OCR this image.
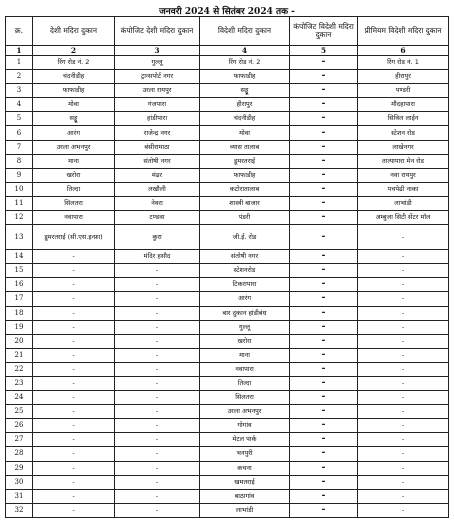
जनवरी 2024 से सितंबर 2024 तक -
क्र.	देशी मदिरा दुकान	कंपोजिट देशी मदिरा दुकान	विदेशी मदिरा दुकान	कंपोजिट विदेशी मदिरा दुकान	प्रीमियम विदेशी मदिरा दुकान
1	2	3	4	5	6
1	रिंग रोड नं. 2	गुल्लू	रिंग रोड नं. 2	-	रिंग रोड नं. 1
2	चंदनीडीह	ट्रान्सपोर्ट नगर	फाफाडीह	-	हीरापुर
3	फाफाडीह	उरला रायपुर	सड्डू	-	पण्डरी
4	मोवा	गंजपारा	हीरापुर	-	मौदहापारा
5	सड्डू	हांडीपारा	चंदनीडीह	-	सिविल लाईन
6	आरंग	राजेन्द्र नगर	मोवा	-	स्टेशन रोड
7	उरला अभनपुर	बंसीरामाठा	व्यास तालाब	-	लाखेनगर
8	माना	संतोषी नगर	डूमरतराई	-	तात्यापारा मेन रोड
9	खरोरा	मंढर	फाफाडीह	-	नवा रायपुर
10	तिल्दा	लखौली	कटोरातालाब	-	पचपेढी नाका
11	सिलतरा	नेवरा	शास्त्री बाजार	-	लाभांडी
12	नवापारा	टण्डवा	पंडरी	-	अम्बुजा सिटी सेंटर मॉल
13	डूमरतराई (सी.एस.इन्फ्रा)	कुरा	जी.ई. रोड	-	-
14	-	मंदिर हसौद	संतोषी नगर	-	-
15	-	-	स्टेशनरोड	-	-
16	-	-	टिकरापारा	-	-
17	-	-	आरंग	-	-
18	-	-	बार दुकान हांडीबंध	-	-
19	-	-	गुल्लू	-	-
20	-	-	खरोरा	-	-
21	-	-	माना	-	-
22	-	-	नवापारा	-	-
23	-	-	तिल्दा	-	-
24	-	-	सिलतरा	-	-
25	-	-	उरला अभनपुर	-	-
26	-	-	गोगांव	-	-
27	-	-	मेटल पार्क	-	-
28	-	-	भनपुरी	-	-
29	-	-	कचना	-	-
30	-	-	खमतराई	-	-
31	-	-	बाठागांव	-	-
32	-	-	लाभांडी	-	-
